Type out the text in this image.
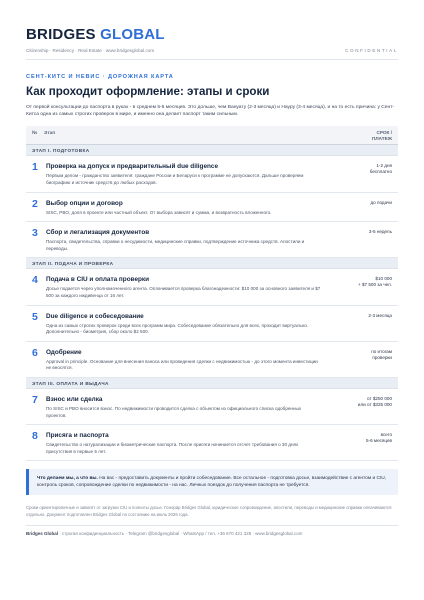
BRIDGES GLOBAL
Citizenship · Residency · Real Estate · www.bridgesglobal.com	CONFIDENTIAL
СЕНТ-КИТС И НЕВИС · ДОРОЖНАЯ КАРТА
Как проходит оформление: этапы и сроки
От первой консультации до паспорта в руках - в среднем 5-6 месяцев. Это дольше, чем Вануату (2-3 месяца) и Науру (3-4 месяца), и на то есть причина: у Сент-Китса одна из самых строгих проверок в мире, и именно она делает паспорт таким сильным.
№	Этап	СРОК /
ПЛАТЕЖ
ЭТАП I. ПОДГОТОВКА
1	Проверка на допуск и предварительный due diligence
Первым делом - гражданство заявителя: граждане России и Беларуси к программе не допускаются. Дальше проверяем биографию и источник средств до любых расходов.
1-2 дня
бесплатно
2	Выбор опции и договор
SISC, PBO, доля в проекте или частный объект. От выбора зависят и сумма, и возвратность вложенного.
до подачи
3	Сбор и легализация документов
Паспорта, свидетельства, справки о несудимости, медицинские справки, подтверждение источника средств. Апостили и переводы.
3-5 недель
ЭТАП II. ПОДАЧА И ПРОВЕРКА
4	Подача в CIU и оплата проверки
Досье подается через уполномоченного агента. Оплачивается проверка благонадежности: $10 000 за основного заявителя и $7 500 за каждого иждивенца от 16 лет.
$10 000
+ $7 500 за чел.
5	Due diligence и собеседование
Одна из самых строгих проверок среди всех программ мира. Собеседование обязательно для всех, проходит виртуально. Дополнительно - биометрия, сбор около $2 500.
2-3 месяца
6	Одобрение
Approval in principle. Основание для внесения взноса или проведения сделки с недвижимостью - до этого момента инвестиции не вносятся.
по итогам
проверки
ЭТАП III. ОПЛАТА И ВЫДАЧА
7	Взнос или сделка
По SISC и PBO вносится взнос. По недвижимости проводится сделка с объектом из официального списка одобренных проектов.
от $250 000
или от $325 000
8	Присяга и паспорта
Свидетельство о натурализации и биометрические паспорта. После присяги начинается отсчет требования о 30 днях присутствия в первые 5 лет.
всего
5-6 месяцев
Что делаем мы, а что вы. На вас - предоставить документы и пройти собеседование. Все остальное - подготовка досье, взаимодействие с агентом и CIU, контроль сроков, сопровождение сделки по недвижимости - на нас. Личных поездок до получения паспорта не требуется.
Сроки ориентировочные и зависят от загрузки CIU и полноты досье. Гонорар Bridges Global, юридическое сопровождение, апостили, переводы и медицинские справки оплачиваются отдельно. Документ подготовлен Bridges Global по состоянию на июль 2026 года.
Bridges Global · строгая конфиденциальность · Telegram @bridgesglobal · WhatsApp / тел. +36 670 421 328 · www.bridgesglobal.com
